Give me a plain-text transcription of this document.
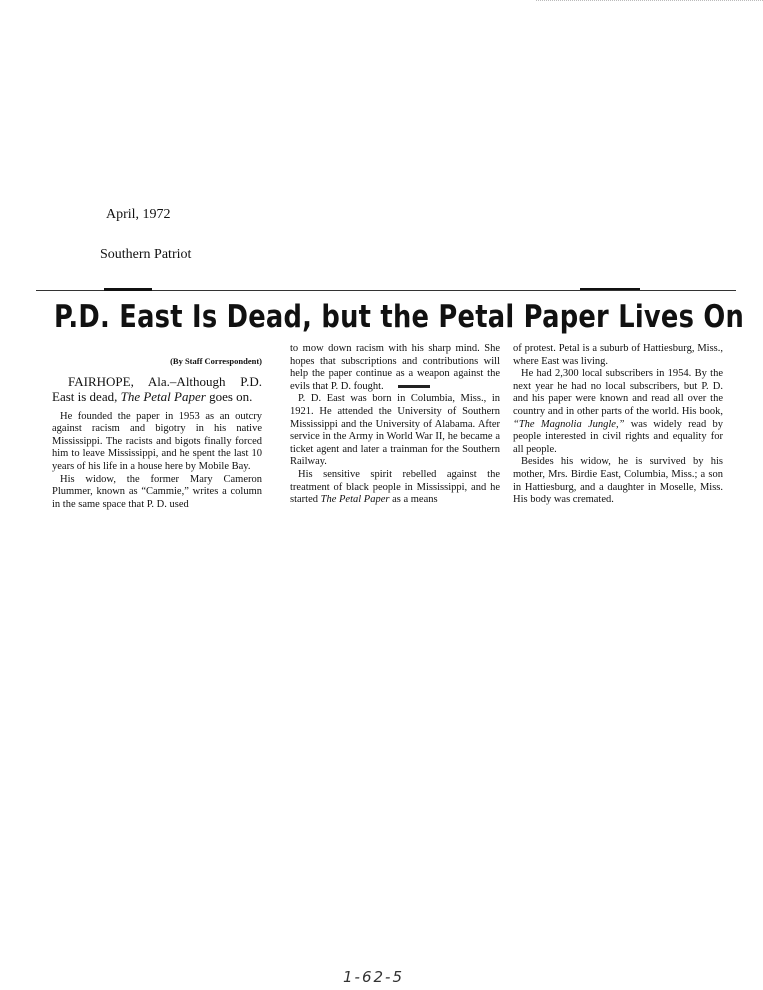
April, 1972
Southern Patriot
P.D. East Is Dead, but the Petal Paper Lives On
(By Staff Correspondent)

FAIRHOPE, Ala.–Although P.D. East is dead, The Petal Paper goes on.

He founded the paper in 1953 as an outcry against racism and bigotry in his native Mississippi. The racists and bigots finally forced him to leave Mississippi, and he spent the last 10 years of his life in a house here by Mobile Bay.

His widow, the former Mary Cameron Plummer, known as “Cammie,” writes a column in the same space that P. D. used

to mow down racism with his sharp mind. She hopes that subscriptions and contributions will help the paper continue as a weapon against the evils that P. D. fought.

P. D. East was born in Columbia, Miss., in 1921. He attended the University of Southern Mississippi and the University of Alabama. After service in the Army in World War II, he became a ticket agent and later a trainman for the Southern Railway.

His sensitive spirit rebelled against the treatment of black people in Mississippi, and he started The Petal Paper as a means

of protest. Petal is a suburb of Hattiesburg, Miss., where East was living.

He had 2,300 local subscribers in 1954. By the next year he had no local subscribers, but P. D. and his paper were known and read all over the country and in other parts of the world. His book, “The Magnolia Jungle,” was widely read by people interested in civil rights and equality for all people.

Besides his widow, he is survived by his mother, Mrs. Birdie East, Columbia, Miss.; a son in Hattiesburg, and a daughter in Moselle, Miss. His body was cremated.

1-62-5
